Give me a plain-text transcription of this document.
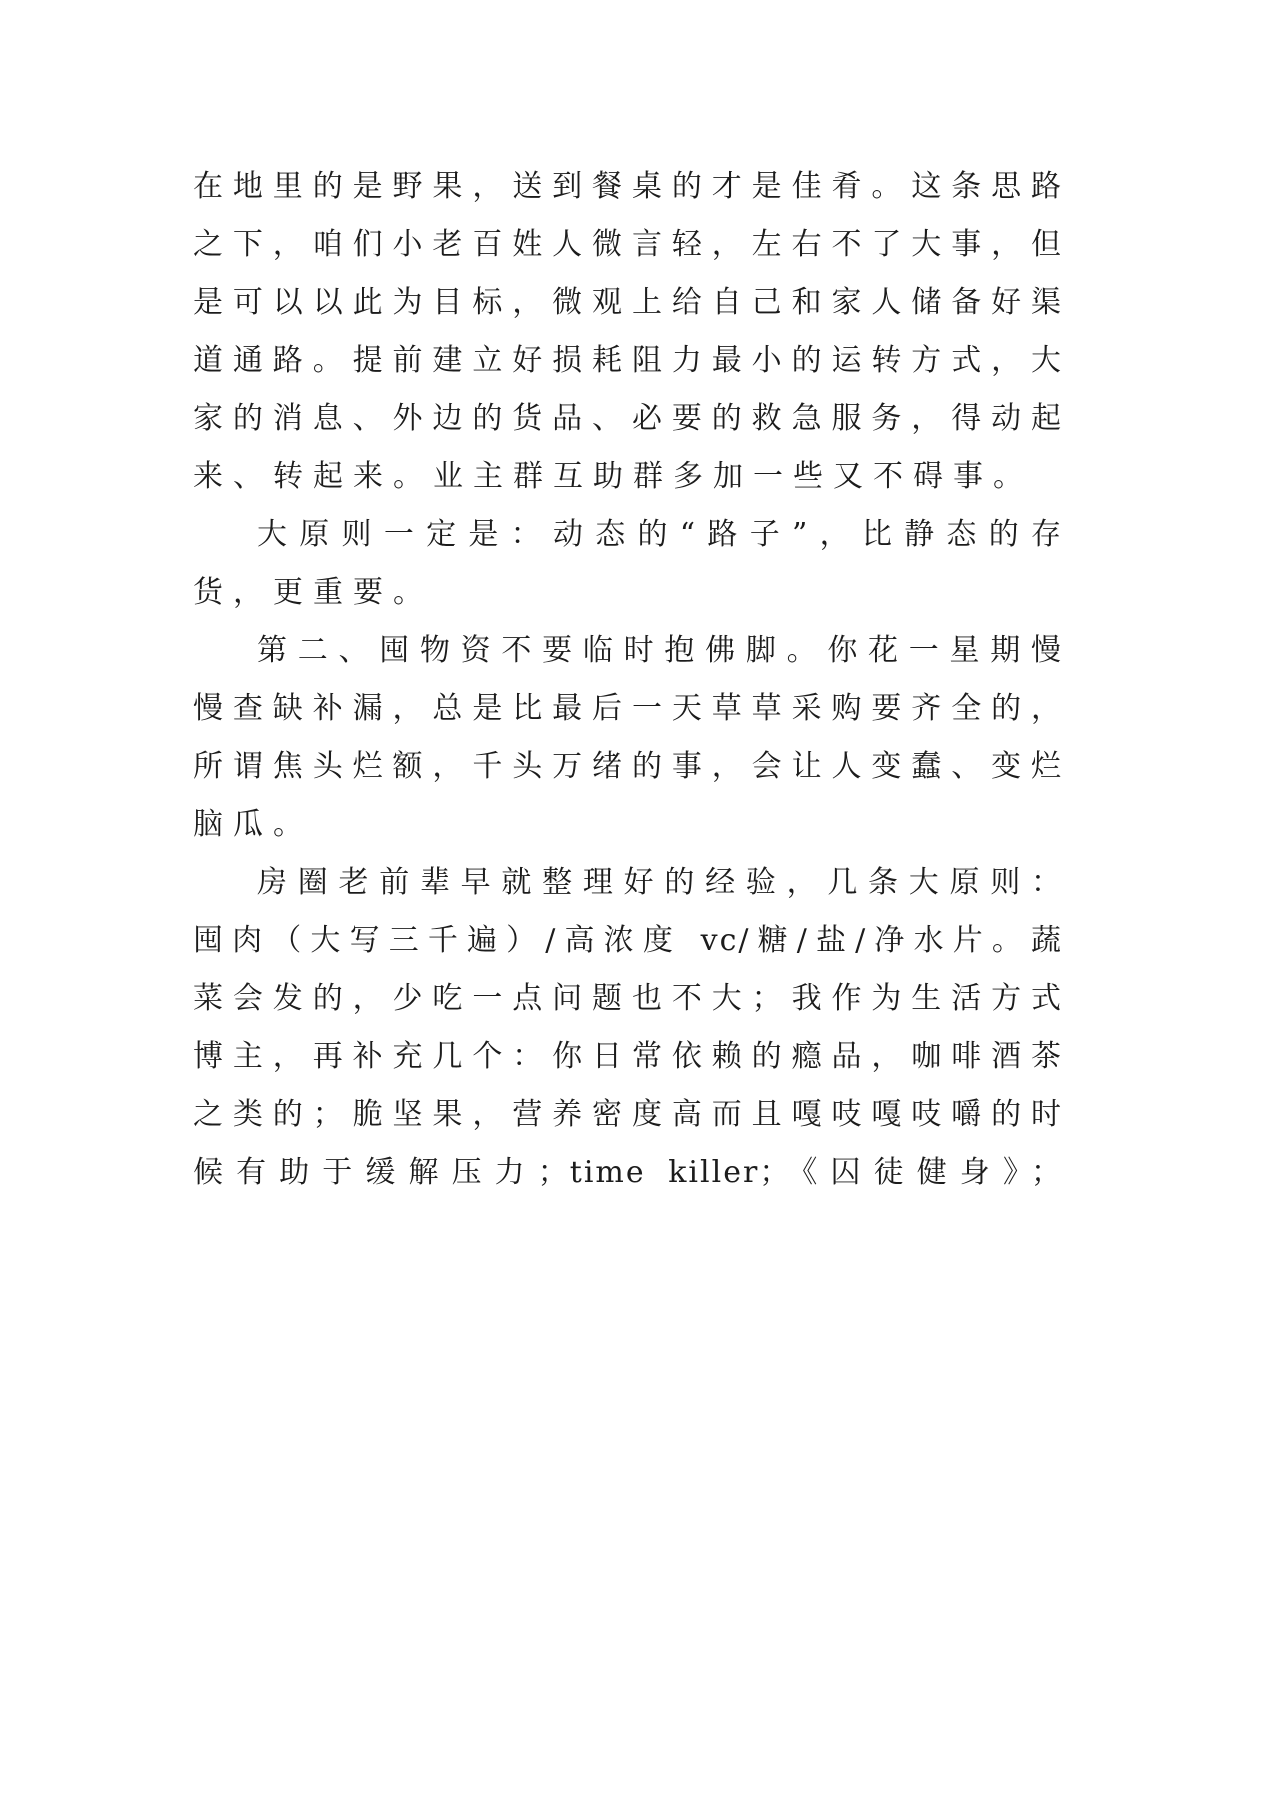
在地里的是野果，送到餐桌的才是佳肴。这条思路
之下，咱们小老百姓人微言轻，左右不了大事，但
是可以以此为目标，微观上给自己和家人储备好渠
道通路。提前建立好损耗阻力最小的运转方式，大
家的消息、外边的货品、必要的救急服务，得动起
来、转起来。业主群互助群多加一些又不碍事。
大原则一定是：动态的“路子”，比静态的存
货，更重要。
第二、囤物资不要临时抱佛脚。你花一星期慢
慢查缺补漏，总是比最后一天草草采购要齐全的，
所谓焦头烂额，千头万绪的事，会让人变蠢、变烂
脑瓜。
房圈老前辈早就整理好的经验，几条大原则：
囤肉（大写三千遍）/高浓度 vc/糖/盐/净水片。蔬
菜会发的，少吃一点问题也不大；我作为生活方式
博主，再补充几个：你日常依赖的瘾品，咖啡酒茶
之类的；脆坚果，营养密度高而且嘎吱嘎吱嚼的时
候有助于缓解压力；time killer；《囚徒健身》；
